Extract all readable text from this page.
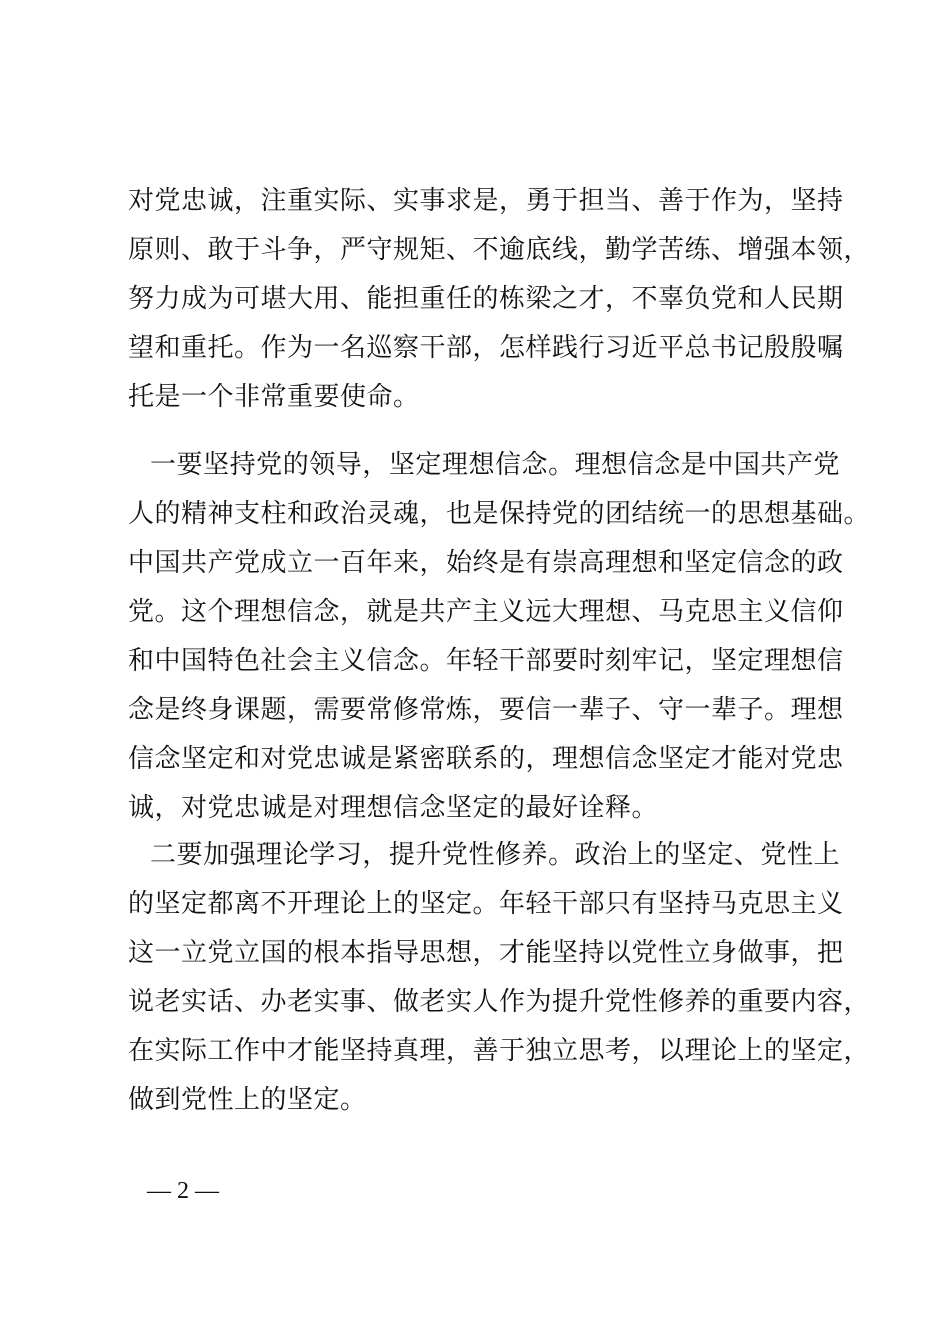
对党忠诚，注重实际、实事求是，勇于担当、善于作为，坚持
原则、敢于斗争，严守规矩、不逾底线，勤学苦练、增强本领，
努力成为可堪大用、能担重任的栋梁之才，不辜负党和人民期
望和重托。作为一名巡察干部，怎样践行习近平总书记殷殷嘱
托是一个非常重要使命。
一要坚持党的领导，坚定理想信念。理想信念是中国共产党
人的精神支柱和政治灵魂，也是保持党的团结统一的思想基础。
中国共产党成立一百年来，始终是有崇高理想和坚定信念的政
党。这个理想信念，就是共产主义远大理想、马克思主义信仰
和中国特色社会主义信念。年轻干部要时刻牢记，坚定理想信
念是终身课题，需要常修常炼，要信一辈子、守一辈子。理想
信念坚定和对党忠诚是紧密联系的，理想信念坚定才能对党忠
诚，对党忠诚是对理想信念坚定的最好诠释。
二要加强理论学习，提升党性修养。政治上的坚定、党性上
的坚定都离不开理论上的坚定。年轻干部只有坚持马克思主义
这一立党立国的根本指导思想，才能坚持以党性立身做事，把
说老实话、办老实事、做老实人作为提升党性修养的重要内容，
在实际工作中才能坚持真理，善于独立思考，以理论上的坚定，
做到党性上的坚定。
— 2 —
